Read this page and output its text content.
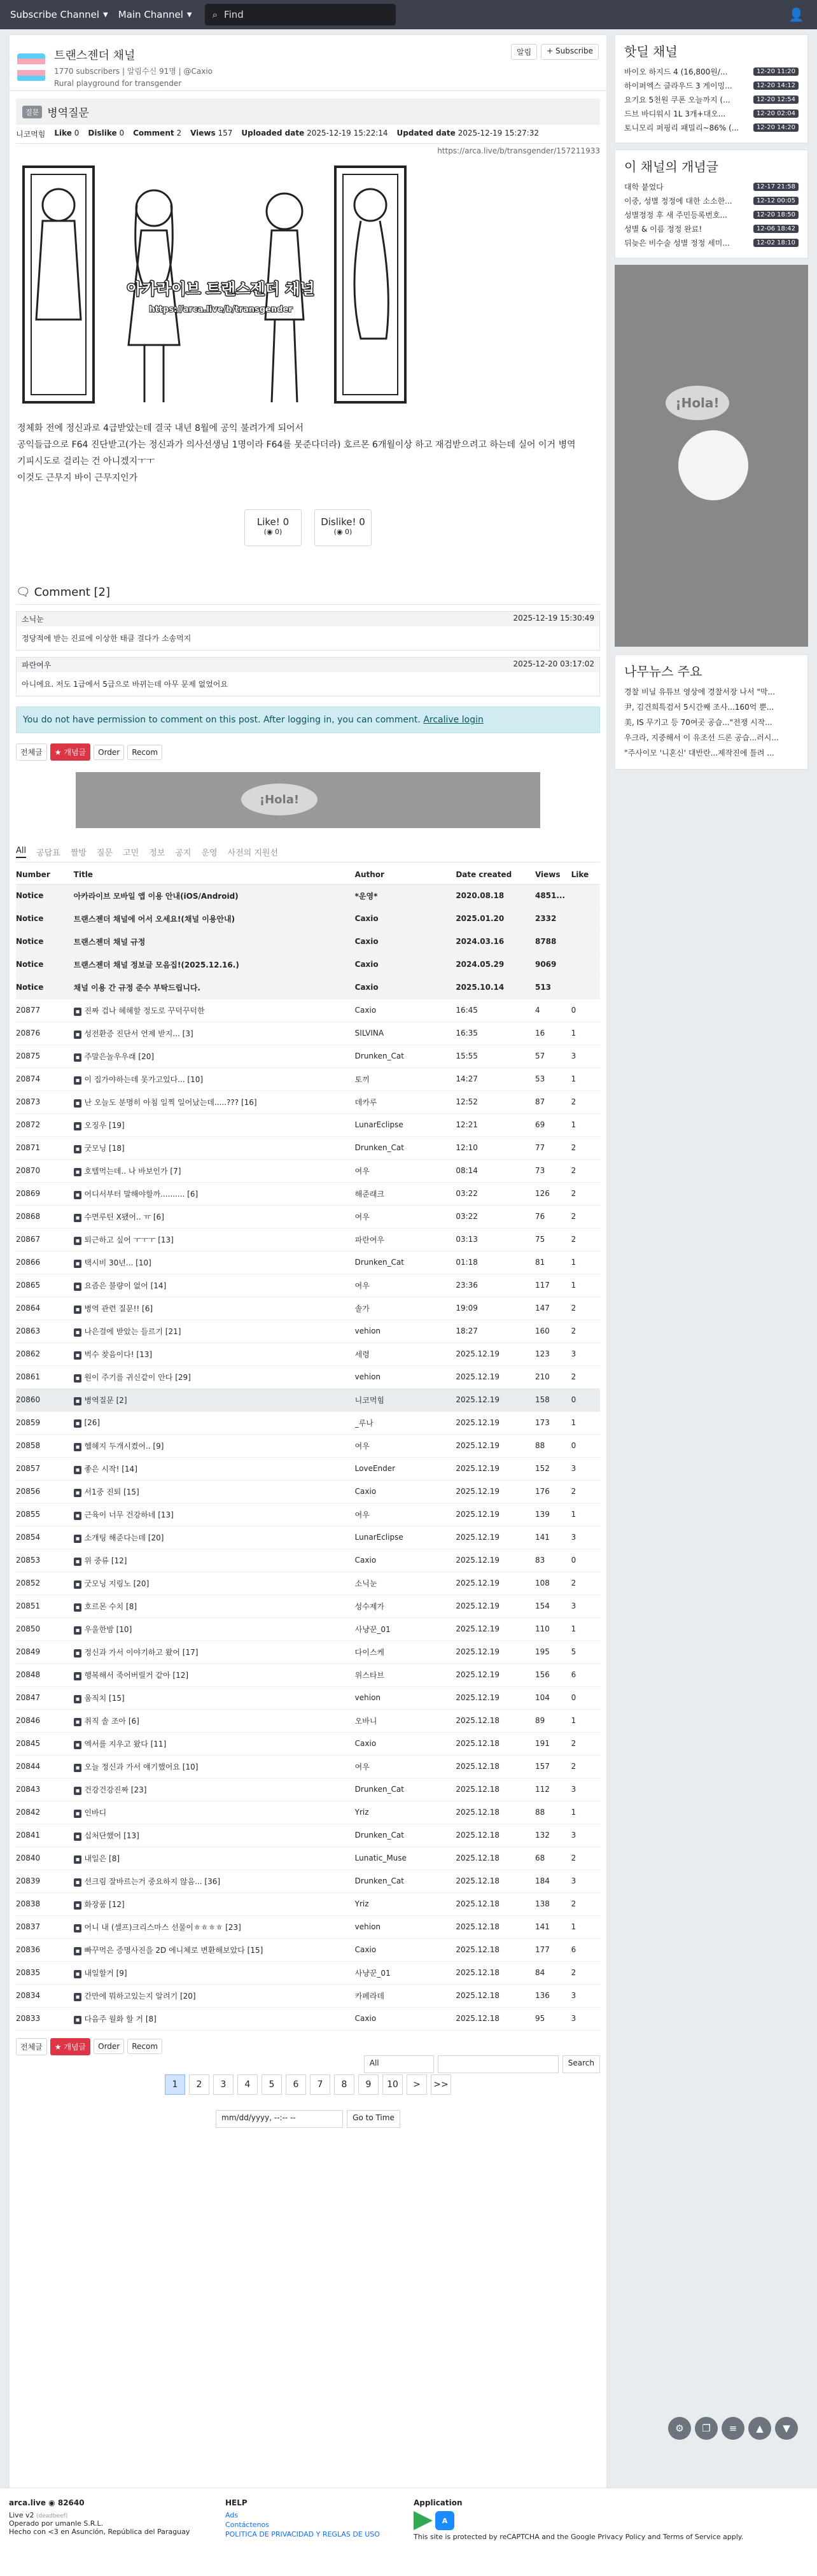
Subscribe Channel ▼ Main Channel ▼ ⌕ Find	👤
트랜스젠더 채널
1770 subscribers | 알림수신 91명 | @Caxio
Rural playground for transgender
알림	+ Subscribe
질문 병역질문
니코먹힘 Like 0 Dislike 0 Comment 2 Views 157 Uploaded date 2025-12-19 15:22:14 Updated date 2025-12-19 15:27:32
https://arca.live/b/transgender/157211933
아카라이브 트랜스젠더 채널
https://arca.live/b/transgender

정체화 전에 정신과로 4급받았는데 결국 내년 8월에 공익 불려가게 되어서

공익들급으로 F64 진단받고(가는 정신과가 의사선생님 1명이라 F64를 못준다더라) 호르몬 6개월이상 하고 재검받으려고 하는데 실어 이거 병역

기피시도로 걸리는 건 아니겠지ㅜㅜ

이것도 근무지 바이 근무지인가

Like! 0
(◉ 0)
Dislike! 0
(◉ 0)
🗨 Comment [2]
소닉눈	2025-12-19 15:30:49
정당적에 받는 진료에 이상한 태클 걸다가 소송먹지
파란여우	2025-12-20 03:17:02
아니에요. 저도 1급에서 5급으로 바뀌는데 아무 문제 없었어요
You do not have permission to comment on this post. After logging in, you can comment. Arcalive login
전체글	★ 개념글	Order	Recom
¡Hola!
All 공답표 짤방 질문 고민 정보 공지 운영 사전의 지원선
Number	Title	Author	Date created	Views	Like
Notice	아카라이브 모바일 앱 이용 안내(iOS/Android)	*운영*	2020.08.18	4851...	
Notice	트랜스젠더 채널에 어서 오세요!(채널 이용안내)	Caxio	2025.01.20	2332	
Notice	트랜스젠더 채널 규정	Caxio	2024.03.16	8788	
Notice	트랜스젠더 채널 정보글 모음집!(2025.12.16.)	Caxio	2024.05.29	9069	
Notice	채널 이용 간 규정 준수 부탁드립니다.	Caxio	2025.10.14	513	
20877	▪ 진짜 겁나 헤헤할 정도로 꾸덕꾸덕한	Caxio	16:45	4	0
20876	▪ 성전환증 진단서 언제 받지... [3]	SILVINA	16:35	16	1
20875	▪ 주말은놀우우래 [20]	Drunken_Cat	15:55	57	3
20874	▪ 이 집가야하는데 못가고있다... [10]	토끼	14:27	53	1
20873	▪ 난 오늘도 분명히 아침 일찍 일어났는데.....??? [16]	데카루	12:52	87	2
20872	▪ 오징우 [19]	LunarEclipse	12:21	69	1
20871	▪ 굿모닝 [18]	Drunken_Cat	12:10	77	2
20870	▪ 호텔먹는데.. 나 바보인가 [7]	여우	08:14	73	2
20869	▪ 어디서부터 말해야할까.......... [6]	해준래크	03:22	126	2
20868	▪ 수면루틴 X됐어.. ㅠ [6]	여우	03:22	76	2
20867	▪ 퇴근하고 싶어 ㅜㅜㅜ [13]	파란여우	03:13	75	2
20866	▪ 택시비 30년... [10]	Drunken_Cat	01:18	81	1
20865	▪ 요즘은 불량이 없어 [14]	여우	23:36	117	1
20864	▪ 병역 관련 질문!! [6]	솔가	19:09	147	2
20863	▪ 나은걸에 받았는 들르기 [21]	vehion	18:27	160	2
20862	▪ 벅수 찾음이다! [13]	세령	2025.12.19	123	3
20861	▪ 원이 주기를 귀신같이 안다 [29]	vehion	2025.12.19	210	2
20860	▪ 병역질문 [2]	니코먹힘	2025.12.19	158	0
20859	▪ [26]	_루나	2025.12.19	173	1
20858	▪ 헬헤지 두개시켰어.. [9]	여우	2025.12.19	88	0
20857	▪ 좋은 시작! [14]	LoveEnder	2025.12.19	152	3
20856	▪ 서1중 진퇴 [15]	Caxio	2025.12.19	176	2
20855	▪ 근육이 너무 건강하네 [13]	여우	2025.12.19	139	1
20854	▪ 소개팅 해준다는데 [20]	LunarEclipse	2025.12.19	141	3
20853	▪ 위 중류 [12]	Caxio	2025.12.19	83	0
20852	▪ 굿모닝 지링노 [20]	소닉눈	2025.12.19	108	2
20851	▪ 호르몬 수치 [8]	성수제가	2025.12.19	154	3
20850	▪ 우울한밤 [10]	사냥꾼_01	2025.12.19	110	1
20849	▪ 정신과 가서 이야기하고 왔어 [17]	다이스케	2025.12.19	195	5
20848	▪ 행복해서 죽어버릴거 같아 [12]	위스타브	2025.12.19	156	6
20847	▪ 움직치 [15]	vehion	2025.12.19	104	0
20846	▪ 취직 솔 조아 [6]	오바니	2025.12.18	89	1
20845	▪ 엑서를 지우고 왔다 [11]	Caxio	2025.12.18	191	2
20844	▪ 오늘 정신과 가서 얘기했어요 [10]	여우	2025.12.18	157	2
20843	▪ 건강건강진짜 [23]	Drunken_Cat	2025.12.18	112	3
20842	▪ 인바디	Yriz	2025.12.18	88	1
20841	▪ 십처단했어 [13]	Drunken_Cat	2025.12.18	132	3
20840	▪ 내일은 [8]	Lunatic_Muse	2025.12.18	68	2
20839	▪ 선크림 잘바르는거 중요하지 않음... [36]	Drunken_Cat	2025.12.18	184	3
20838	▪ 화장품 [12]	Yriz	2025.12.18	138	2
20837	▪ 어니 내 (셀프)크리스마스 선물이ㅎㅎㅎㅎ [23]	vehion	2025.12.18	141	1
20836	▪ 빠꾸먹은 증명사진을 2D 에니체로 변환해보았다 [15]	Caxio	2025.12.18	177	6
20835	▪ 내일할거 [9]	사냥꾼_01	2025.12.18	84	2
20834	▪ 간만에 뭐하고있는지 알려기 [20]	카페라데	2025.12.18	136	3
20833	▪ 다음주 월화 할 거 [8]	Caxio	2025.12.18	95	3
전체글	★ 개념글	Order	Recom
1	2	3	4	5	6	7	8	9	10	>	>>
All	Search
mm/dd/yyyy, --:-- --	Go to Time
핫딜 채널
바이오 하지드 4 (16,800원/...	12-20 11:20
하이퍼엑스 클라우드 3 게이밍...	12-20 14:12
요기요 5천원 쿠폰 오늘까지 (...	12-20 12:54
드브 바디워시 1L 3개+대오...	12-20 02:04
토니모리 퍼핑리 패밀리~86% (...	12-20 14:20
이 채널의 개념글
대학 붙었다	12-17 21:58
이중, 성별 정정에 대한 소소한...	12-12 00:05
성별정정 후 새 주민등록번호...	12-20 18:50
성별 & 이름 정정 완료!	12-06 18:42
뒤늦은 비수술 성별 정정 세미...	12-02 18:10
¡Hola!
나무뉴스 주요
경찰 비닐 유튜브 영상에 경찰서장 나서 "막...
尹, 김건희특검서 5시간째 조사...160억 뿐...
美, IS 무기고 등 70여곳 공습..."전쟁 시작...
우크라, 지중해서 이 유조선 드론 공습...러시...
"주사이모 '니혼신' 대반란...제작진에 틀려 ...
⚙	❐	≡	▲	▼
arca.live ◉ 82640
Live v2 (deadbeef)
Operado por umanle S.R.L.
Hecho con <3 en Asunción, República del Paraguay
HELP
Ads
Contáctenos
POLITICA DE PRIVACIDAD Y REGLAS DE USO
Application
A
This site is protected by reCAPTCHA and the Google Privacy Policy and Terms of Service apply.
